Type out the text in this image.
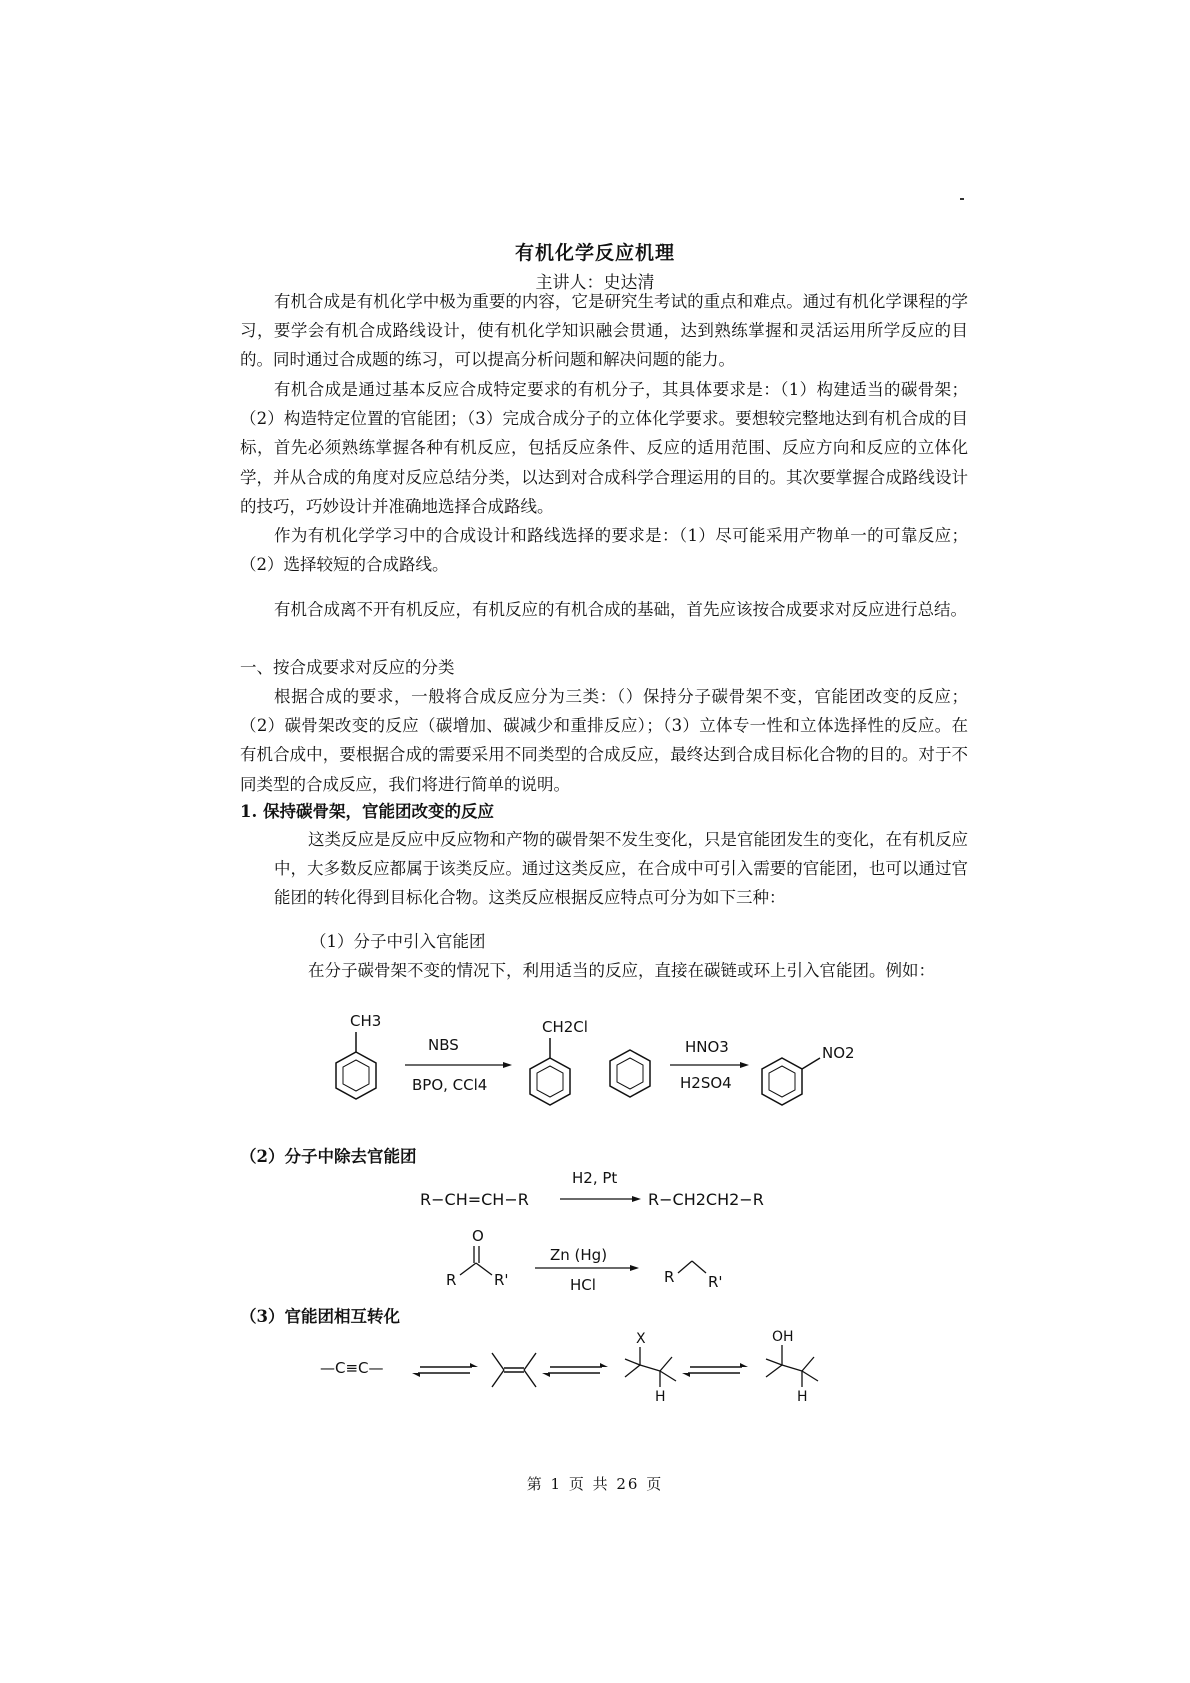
有机化学反应机理
主讲人：史达清

有机合成是有机化学中极为重要的内容，它是研究生考试的重点和难点。通过有机化学课程的学习，要学会有机合成路线设计，使有机化学知识融会贯通，达到熟练掌握和灵活运用所学反应的目的。同时通过合成题的练习，可以提高分析问题和解决问题的能力。

有机合成是通过基本反应合成特定要求的有机分子，其具体要求是：（1）构建适当的碳骨架；（2）构造特定位置的官能团；（3）完成合成分子的立体化学要求。要想较完整地达到有机合成的目标，首先必须熟练掌握各种有机反应，包括反应条件、反应的适用范围、反应方向和反应的立体化学，并从合成的角度对反应总结分类，以达到对合成科学合理运用的目的。其次要掌握合成路线设计的技巧，巧妙设计并准确地选择合成路线。

作为有机化学学习中的合成设计和路线选择的要求是：（1）尽可能采用产物单一的可靠反应；（2）选择较短的合成路线。

有机合成离不开有机反应，有机反应的有机合成的基础，首先应该按合成要求对反应进行总结。

一、按合成要求对反应的分类

根据合成的要求，一般将合成反应分为三类：（）保持分子碳骨架不变，官能团改变的反应；（2）碳骨架改变的反应（碳增加、碳减少和重排反应）；（3）立体专一性和立体选择性的反应。在有机合成中，要根据合成的需要采用不同类型的合成反应，最终达到合成目标化合物的目的。对于不同类型的合成反应，我们将进行简单的说明。

1. 保持碳骨架，官能团改变的反应

这类反应是反应中反应物和产物的碳骨架不发生变化，只是官能团发生的变化，在有机反应中，大多数反应都属于该类反应。通过这类反应，在合成中可引入需要的官能团，也可以通过官能团的转化得到目标化合物。这类反应根据反应特点可分为如下三种：

（1）分子中引入官能团

在分子碳骨架不变的情况下，利用适当的反应，直接在碳链或环上引入官能团。例如：

CH3
NBS
BPO, CCl4
CH2Cl
HNO3
H2SO4
NO2
（2）分子中除去官能团
R−CH=CH−R
H2, Pt
R−CH2CH2−R
O
R	R'
Zn (Hg)
HCl	R R'
（3）官能团相互转化
—C≡C—
X
H
OH
H
第 1 页 共 26 页
